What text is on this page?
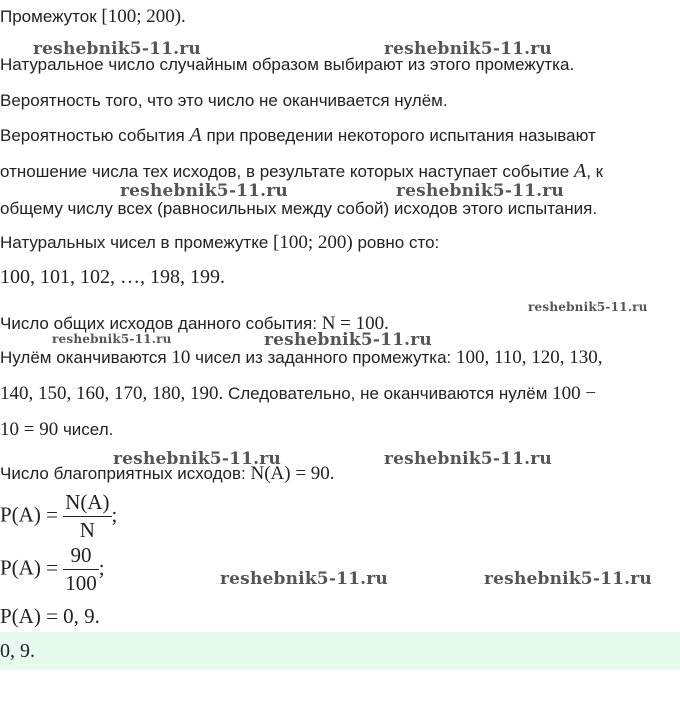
Промежуток [100; 200).
reshebnik5-11.ru	reshebnik5-11.ru
Натуральное число случайным образом выбирают из этого промежутка.
Вероятность того, что это число не оканчивается нулём.
Вероятностью события A при проведении некоторого испытания называют
отношение числа тех исходов, в результате которых наступает событие A, к
reshebnik5-11.ru	reshebnik5-11.ru
общему числу всех (равносильных между собой) исходов этого испытания.
Натуральных чисел в промежутке [100; 200) ровно сто:
100, 101, 102, …, 198, 199.
reshebnik5-11.ru
Число общих исходов данного события: N = 100.
reshebnik5-11.ru	reshebnik5-11.ru
Нулём оканчиваются 10 чисел из заданного промежутка: 100, 110, 120, 130,
140, 150, 160, 170, 180, 190. Следовательно, не оканчиваются нулём 100 −
10 = 90 чисел.
reshebnik5-11.ru	reshebnik5-11.ru
Число благоприятных исходов: N(A) = 90.
$P(A) = \frac{N(A)}{N}$ ;
$P(A) = \frac{90}{100}$ ;	reshebnik5-11.ru	reshebnik5-11.ru
P(A) = 0, 9.
0, 9.
